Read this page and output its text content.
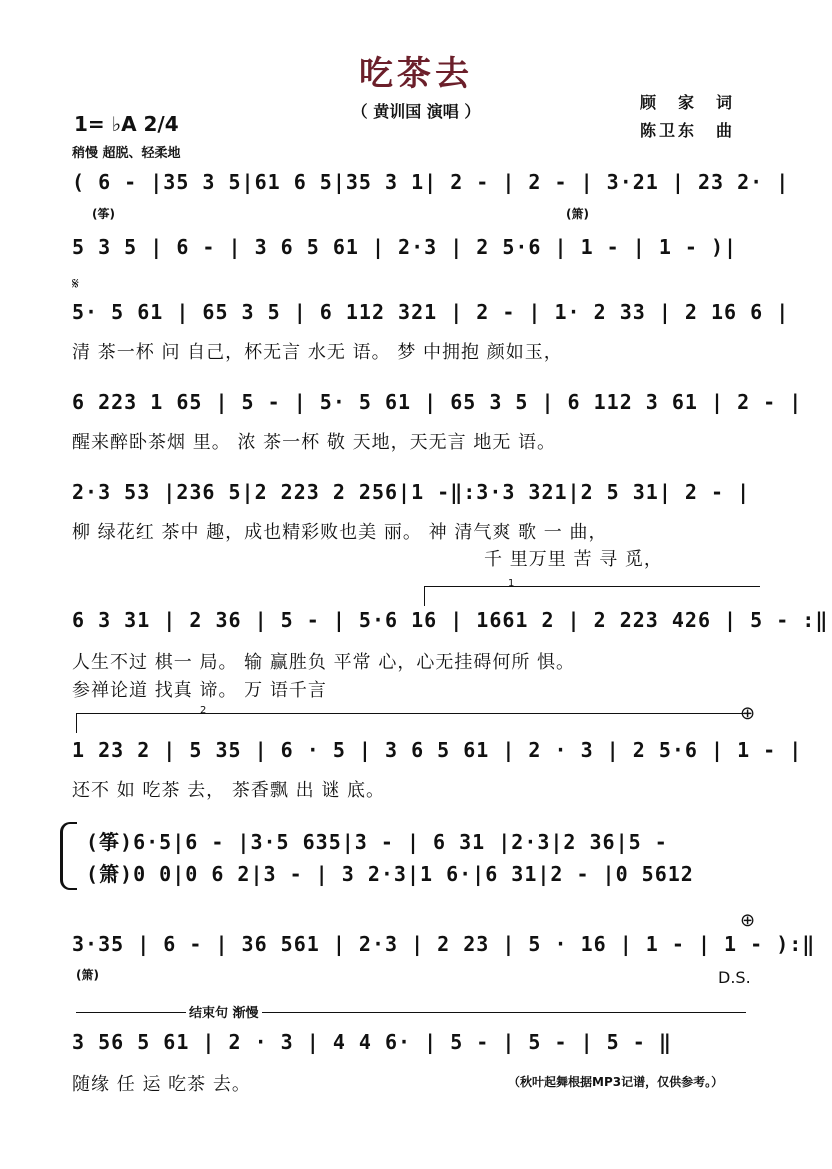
吃茶去
（ 黄训国 演唱 ）	顾　家　词
陈卫东　曲
1= ♭A 2/4
稍慢 超脱、轻柔地
( 6 - |35 3 5|61 6 5|35 3 1| 2 - | 2 - | 3·21 | 23 2· |
(筝)	(箫)
5 3 5 | 6 - | 3 6 5 61 | 2·3 | 2 5·6 | 1 - | 1 - )|
𝄋
5· 5 61 | 65 3 5 | 6 112 321 | 2 - | 1· 2 33 | 2 16 6 |
清 茶一杯 问 自己，杯无言 水无 语。 梦 中拥抱 颜如玉，
6 223 1 65 | 5 - | 5· 5 61 | 65 3 5 | 6 112 3 61 | 2 - |
醒来醉卧茶烟 里。 浓 茶一杯 敬 天地，天无言 地无 语。
2·3 53 |236 5|2 223 2 256|1 -‖:3·3 321|2 5 31| 2 - |
柳 绿花红 茶中 趣，成也精彩败也美 丽。 神 清气爽 歌 一 曲，
千 里万里 苦 寻 觅，
1
6 3 31 | 2 36 | 5 - | 5·6 16 | 1661 2 | 2 223 426 | 5 - :‖
人生不过 棋一 局。 输 赢胜负 平常 心，心无挂碍何所 惧。
参禅论道 找真 谛。 万 语千言
2	⊕
1 23 2 | 5 35 | 6 · 5 | 3 6 5 61 | 2 · 3 | 2 5·6 | 1 - |
还不 如 吃茶 去， 茶香飘 出 谜 底。
(筝)6·5|6 - |3·5 635|3 - | 6 31 |2·3|2 36|5 -
(箫)0 0|0 6 2|3 - | 3 2·3|1 6·|6 31|2 - |0 5612
⊕
3·35 | 6 - | 36 561 | 2·3 | 2 23 | 5 · 16 | 1 - | 1 - ):‖
(箫)	D.S.
结束句 渐慢
3 56 5 61 | 2 · 3 | 4 4 6· | 5 - | 5 - | 5 - ‖
随缘 任 运 吃茶 去。	（秋叶起舞根据MP3记谱，仅供参考。）
